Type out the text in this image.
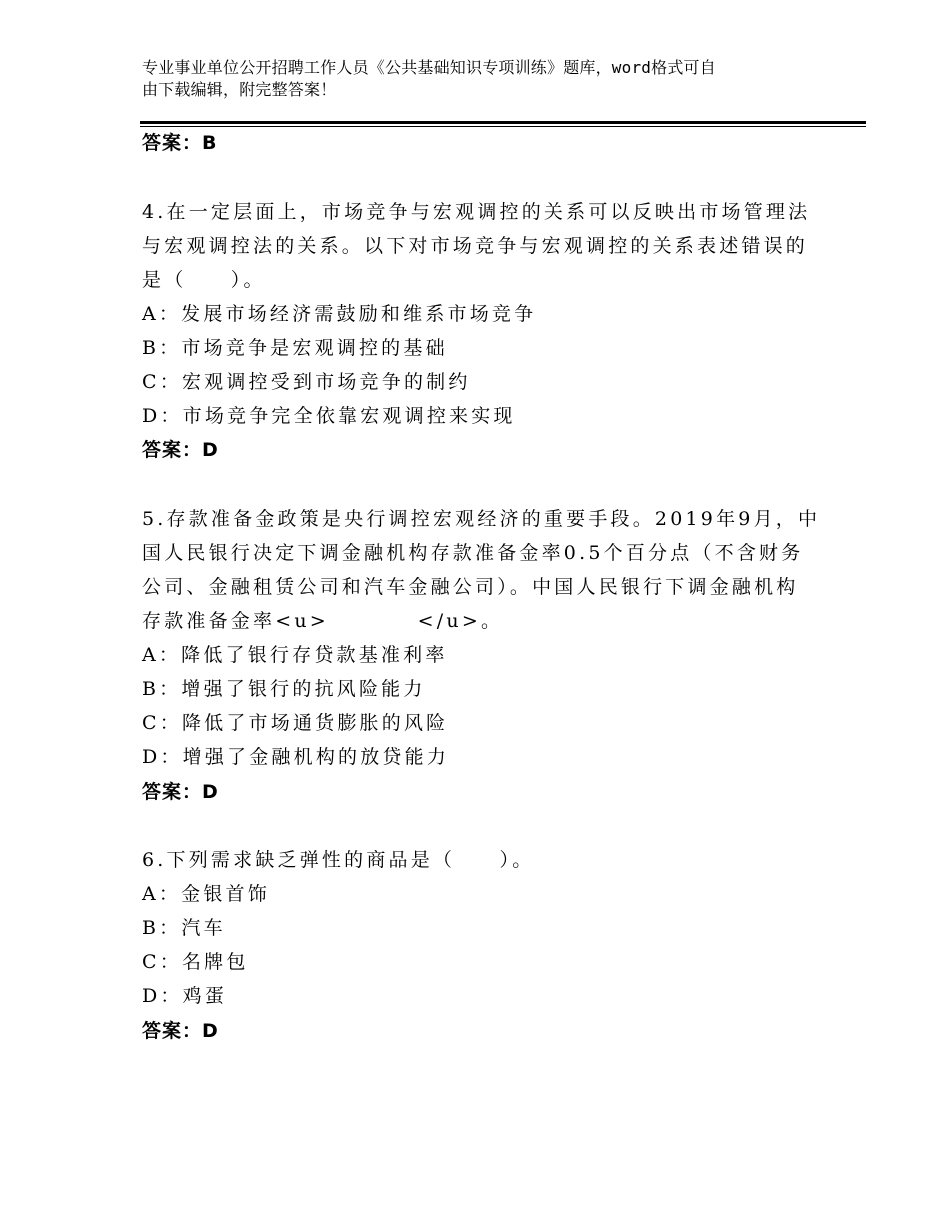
专业事业单位公开招聘工作人员《公共基础知识专项训练》题库，word格式可自
由下载编辑，附完整答案！
答案：B
4.在一定层面上，市场竞争与宏观调控的关系可以反映出市场管理法
与宏观调控法的关系。以下对市场竞争与宏观调控的关系表述错误的
是（　　）。
A：发展市场经济需鼓励和维系市场竞争
B：市场竞争是宏观调控的基础
C：宏观调控受到市场竞争的制约
D：市场竞争完全依靠宏观调控来实现
答案：D
5.存款准备金政策是央行调控宏观经济的重要手段。2019年9月，中
国人民银行决定下调金融机构存款准备金率0.5个百分点（不含财务
公司、金融租赁公司和汽车金融公司）。中国人民银行下调金融机构
存款准备金率<u>　　　　</u>。
A：降低了银行存贷款基准利率
B：增强了银行的抗风险能力
C：降低了市场通货膨胀的风险
D：增强了金融机构的放贷能力
答案：D
6.下列需求缺乏弹性的商品是（　　）。
A：金银首饰
B：汽车
C：名牌包
D：鸡蛋
答案：D
